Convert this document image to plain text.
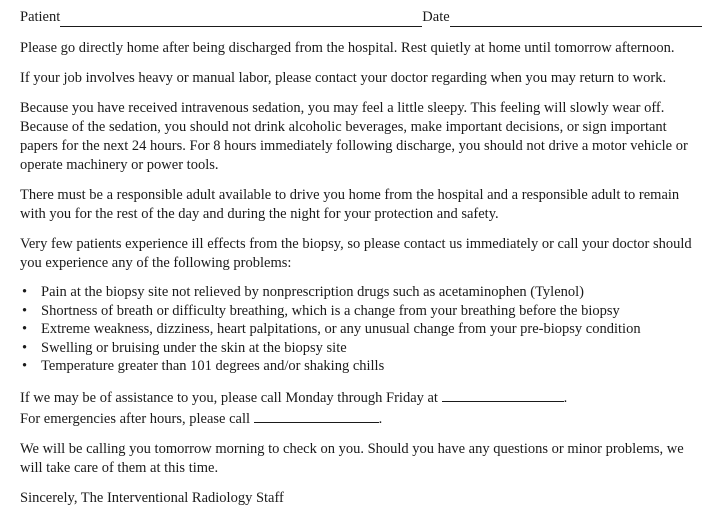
Patient	Date

Please go directly home after being discharged from the hospital. Rest quietly at home until tomorrow afternoon.

If your job involves heavy or manual labor, please contact your doctor regarding when you may return to work.

Because you have received intravenous sedation, you may feel a little sleepy. This feeling will slowly wear off. Because of the sedation, you should not drink alcoholic beverages, make important decisions, or sign important papers for the next 24 hours. For 8 hours immediately following discharge, you should not drive a motor vehicle or operate machinery or power tools.

There must be a responsible adult available to drive you home from the hospital and a responsible adult to remain with you for the rest of the day and during the night for your protection and safety.

Very few patients experience ill effects from the biopsy, so please contact us immediately or call your doctor should you experience any of the following problems:

• Pain at the biopsy site not relieved by nonprescription drugs such as acetaminophen (Tylenol)
• Shortness of breath or difficulty breathing, which is a change from your breathing before the biopsy
• Extreme weakness, dizziness, heart palpitations, or any unusual change from your pre-biopsy condition
• Swelling or bruising under the skin at the biopsy site
• Temperature greater than 101 degrees and/or shaking chills

If we may be of assistance to you, please call Monday through Friday at	.
For emergencies after hours, please call	.

We will be calling you tomorrow morning to check on you. Should you have any questions or minor problems, we will take care of them at this time.

Sincerely, The Interventional Radiology Staff
